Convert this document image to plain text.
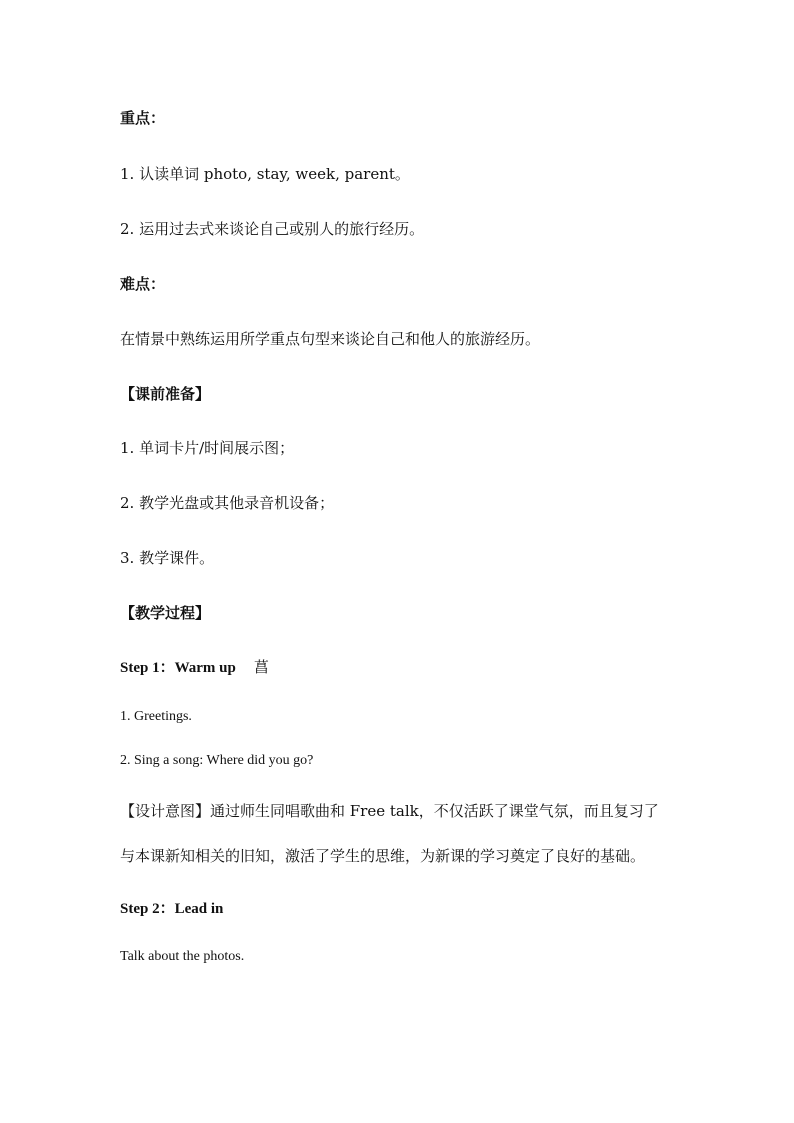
重点：
1. 认读单词 photo, stay, week, parent。
2. 运用过去式来谈论自己或别人的旅行经历。
难点：
在情景中熟练运用所学重点句型来谈论自己和他人的旅游经历。
【课前准备】
1. 单词卡片/时间展示图；
2. 教学光盘或其他录音机设备；
3. 教学课件。
【教学过程】
Step 1：Warm up 菖
1. Greetings.
2. Sing a song: Where did you go?
【设计意图】通过师生同唱歌曲和 Free talk，不仅活跃了课堂气氛，而且复习了
与本课新知相关的旧知，激活了学生的思维，为新课的学习奠定了良好的基础。
Step 2：Lead in
Talk about the photos.
